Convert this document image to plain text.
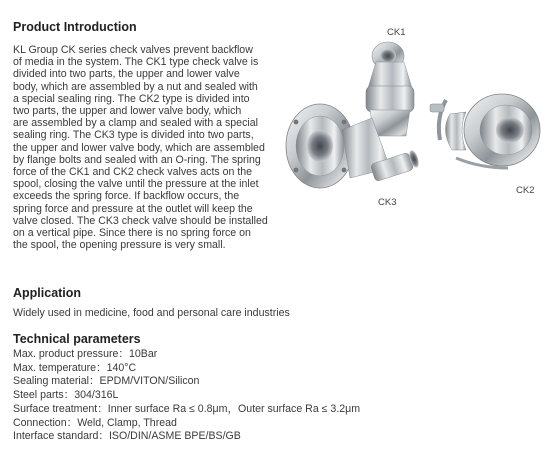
Product Introduction
KL Group CK series check valves prevent backflow
of media in the system. The CK1 type check valve is
divided into two parts, the upper and lower valve
body, which are assembled by a nut and sealed with
a special sealing ring. The CK2 type is divided into
two parts, the upper and lower valve body, which
are assembled by a clamp and sealed with a special
sealing ring. The CK3 type is divided into two parts,
the upper and lower valve body, which are assembled
by flange bolts and sealed with an O-ring. The spring
force of the CK1 and CK2 check valves acts on the
spool, closing the valve until the pressure at the inlet
exceeds the spring force. If backflow occurs, the
spring force and pressure at the outlet will keep the
valve closed. The CK3 check valve should be installed
on a vertical pipe. Since there is no spring force on
the spool, the opening pressure is very small.
CK1
CK2
CK3
Application
Widely used in medicine, food and personal care industries
Technical parameters
Max. product pressure：10Bar
Max. temperature：140°C
Sealing material：EPDM/VITON/Silicon
Steel parts：304/316L
Surface treatment：Inner surface Ra ≤ 0.8μm，Outer surface Ra ≤ 3.2μm
Connection：Weld, Clamp, Thread
Interface standard：ISO/DIN/ASME BPE/BS/GB
